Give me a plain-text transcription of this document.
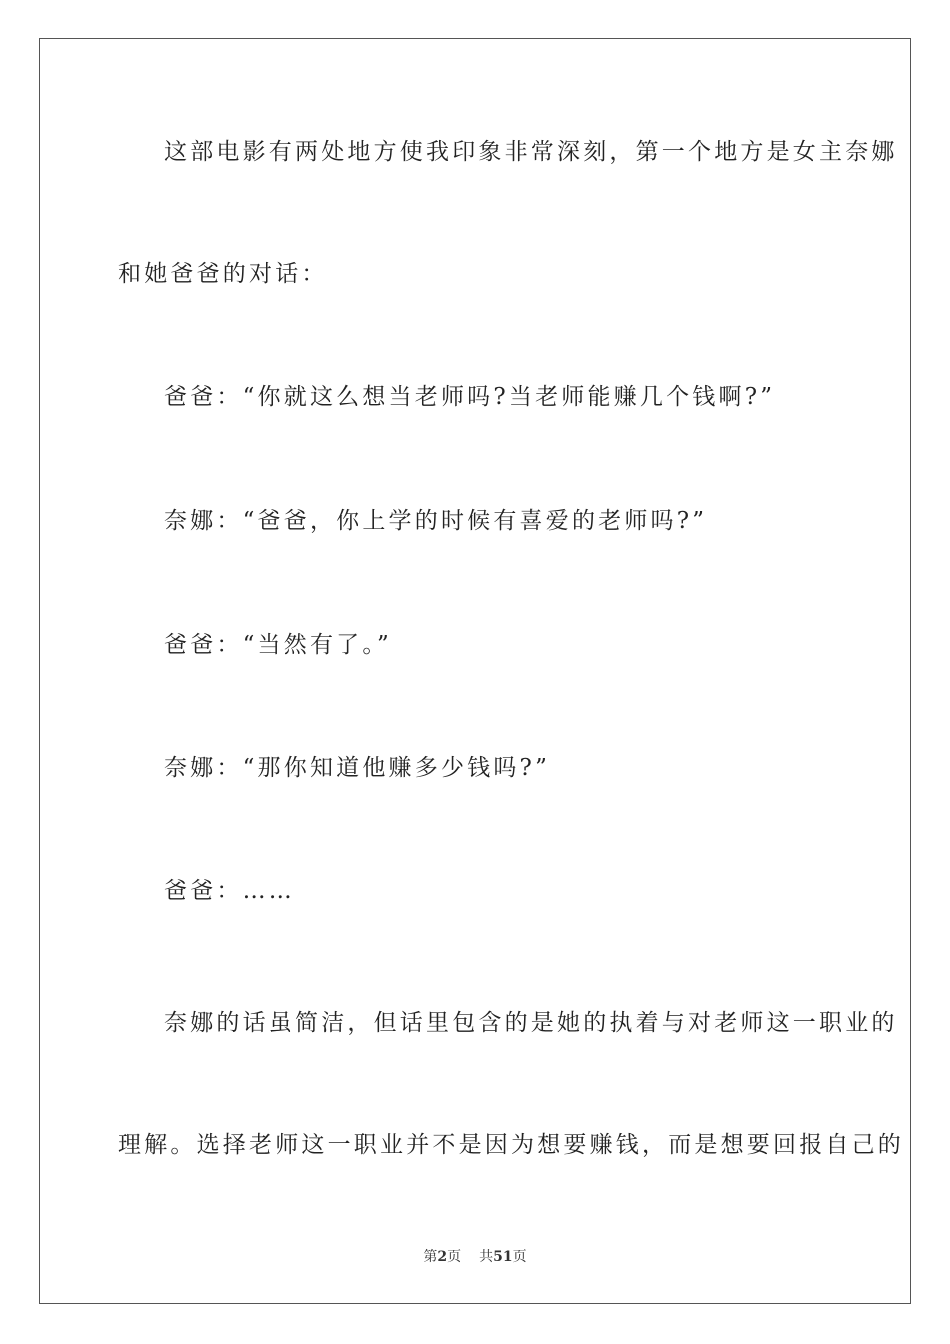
这部电影有两处地方使我印象非常深刻，第一个地方是女主奈娜

和她爸爸的对话：

爸爸：“你就这么想当老师吗?当老师能赚几个钱啊?”

奈娜：“爸爸，你上学的时候有喜爱的老师吗?”

爸爸：“当然有了。”

奈娜：“那你知道他赚多少钱吗?”

爸爸：……

奈娜的话虽简洁，但话里包含的是她的执着与对老师这一职业的

理解。选择老师这一职业并不是因为想要赚钱，而是想要回报自己的

第2页 共51页
